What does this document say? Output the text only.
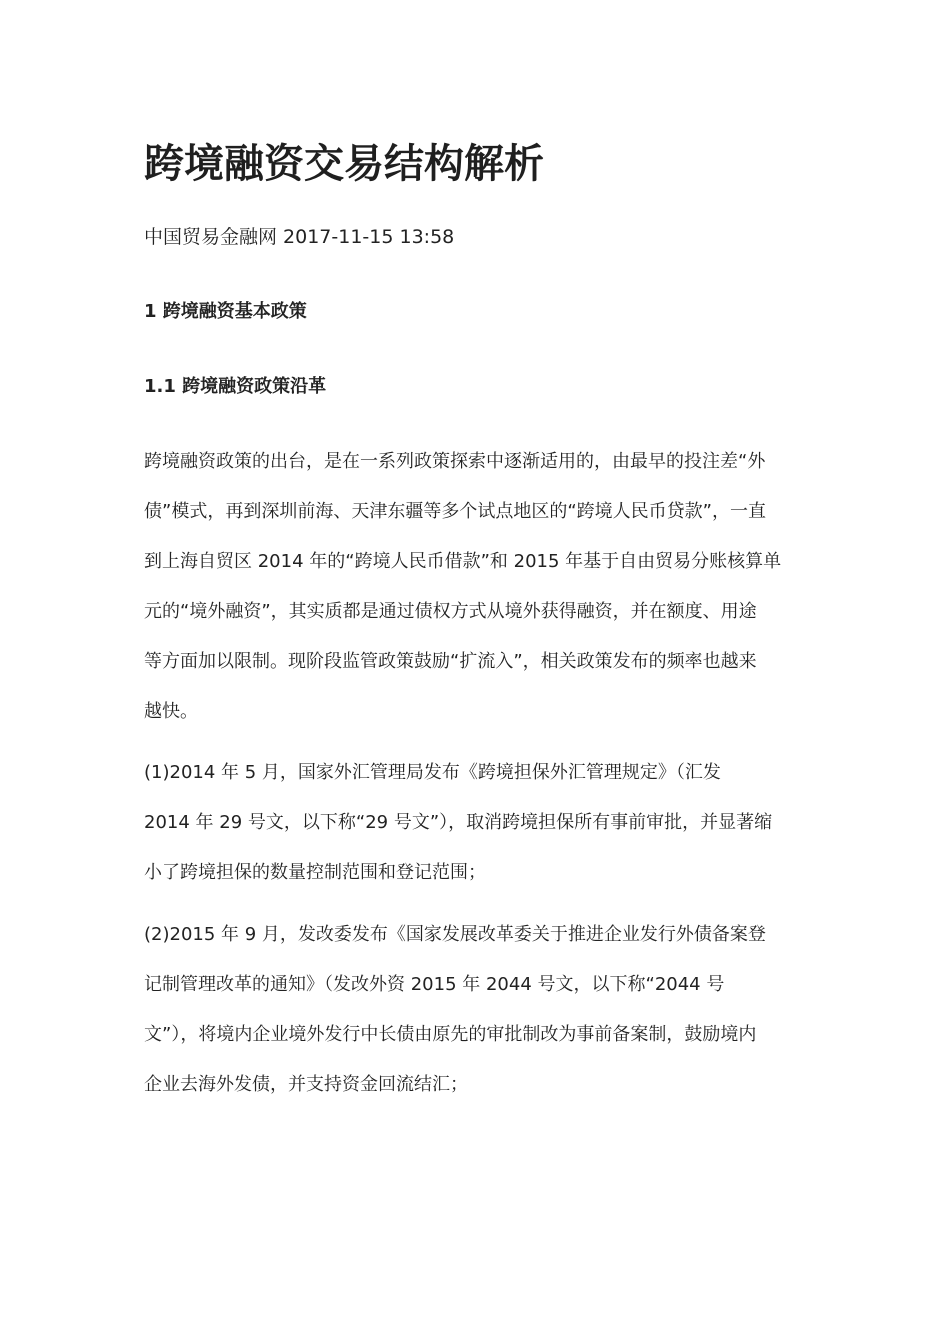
跨境融资交易结构解析
中国贸易金融网 2017-11-15 13:58
1 跨境融资基本政策
1.1 跨境融资政策沿革

跨境融资政策的出台，是在一系列政策探索中逐渐适用的，由最早的投注差“外
债”模式，再到深圳前海、天津东疆等多个试点地区的“跨境人民币贷款”，一直
到上海自贸区 2014 年的“跨境人民币借款”和 2015 年基于自由贸易分账核算单
元的“境外融资”，其实质都是通过债权方式从境外获得融资，并在额度、用途
等方面加以限制。现阶段监管政策鼓励“扩流入”，相关政策发布的频率也越来
越快。

(1)2014 年 5 月，国家外汇管理局发布《跨境担保外汇管理规定》（汇发
2014 年 29 号文，以下称“29 号文”），取消跨境担保所有事前审批，并显著缩
小了跨境担保的数量控制范围和登记范围；

(2)2015 年 9 月，发改委发布《国家发展改革委关于推进企业发行外债备案登
记制管理改革的通知》（发改外资 2015 年 2044 号文，以下称“2044 号
文”），将境内企业境外发行中长债由原先的审批制改为事前备案制，鼓励境内
企业去海外发债，并支持资金回流结汇；
